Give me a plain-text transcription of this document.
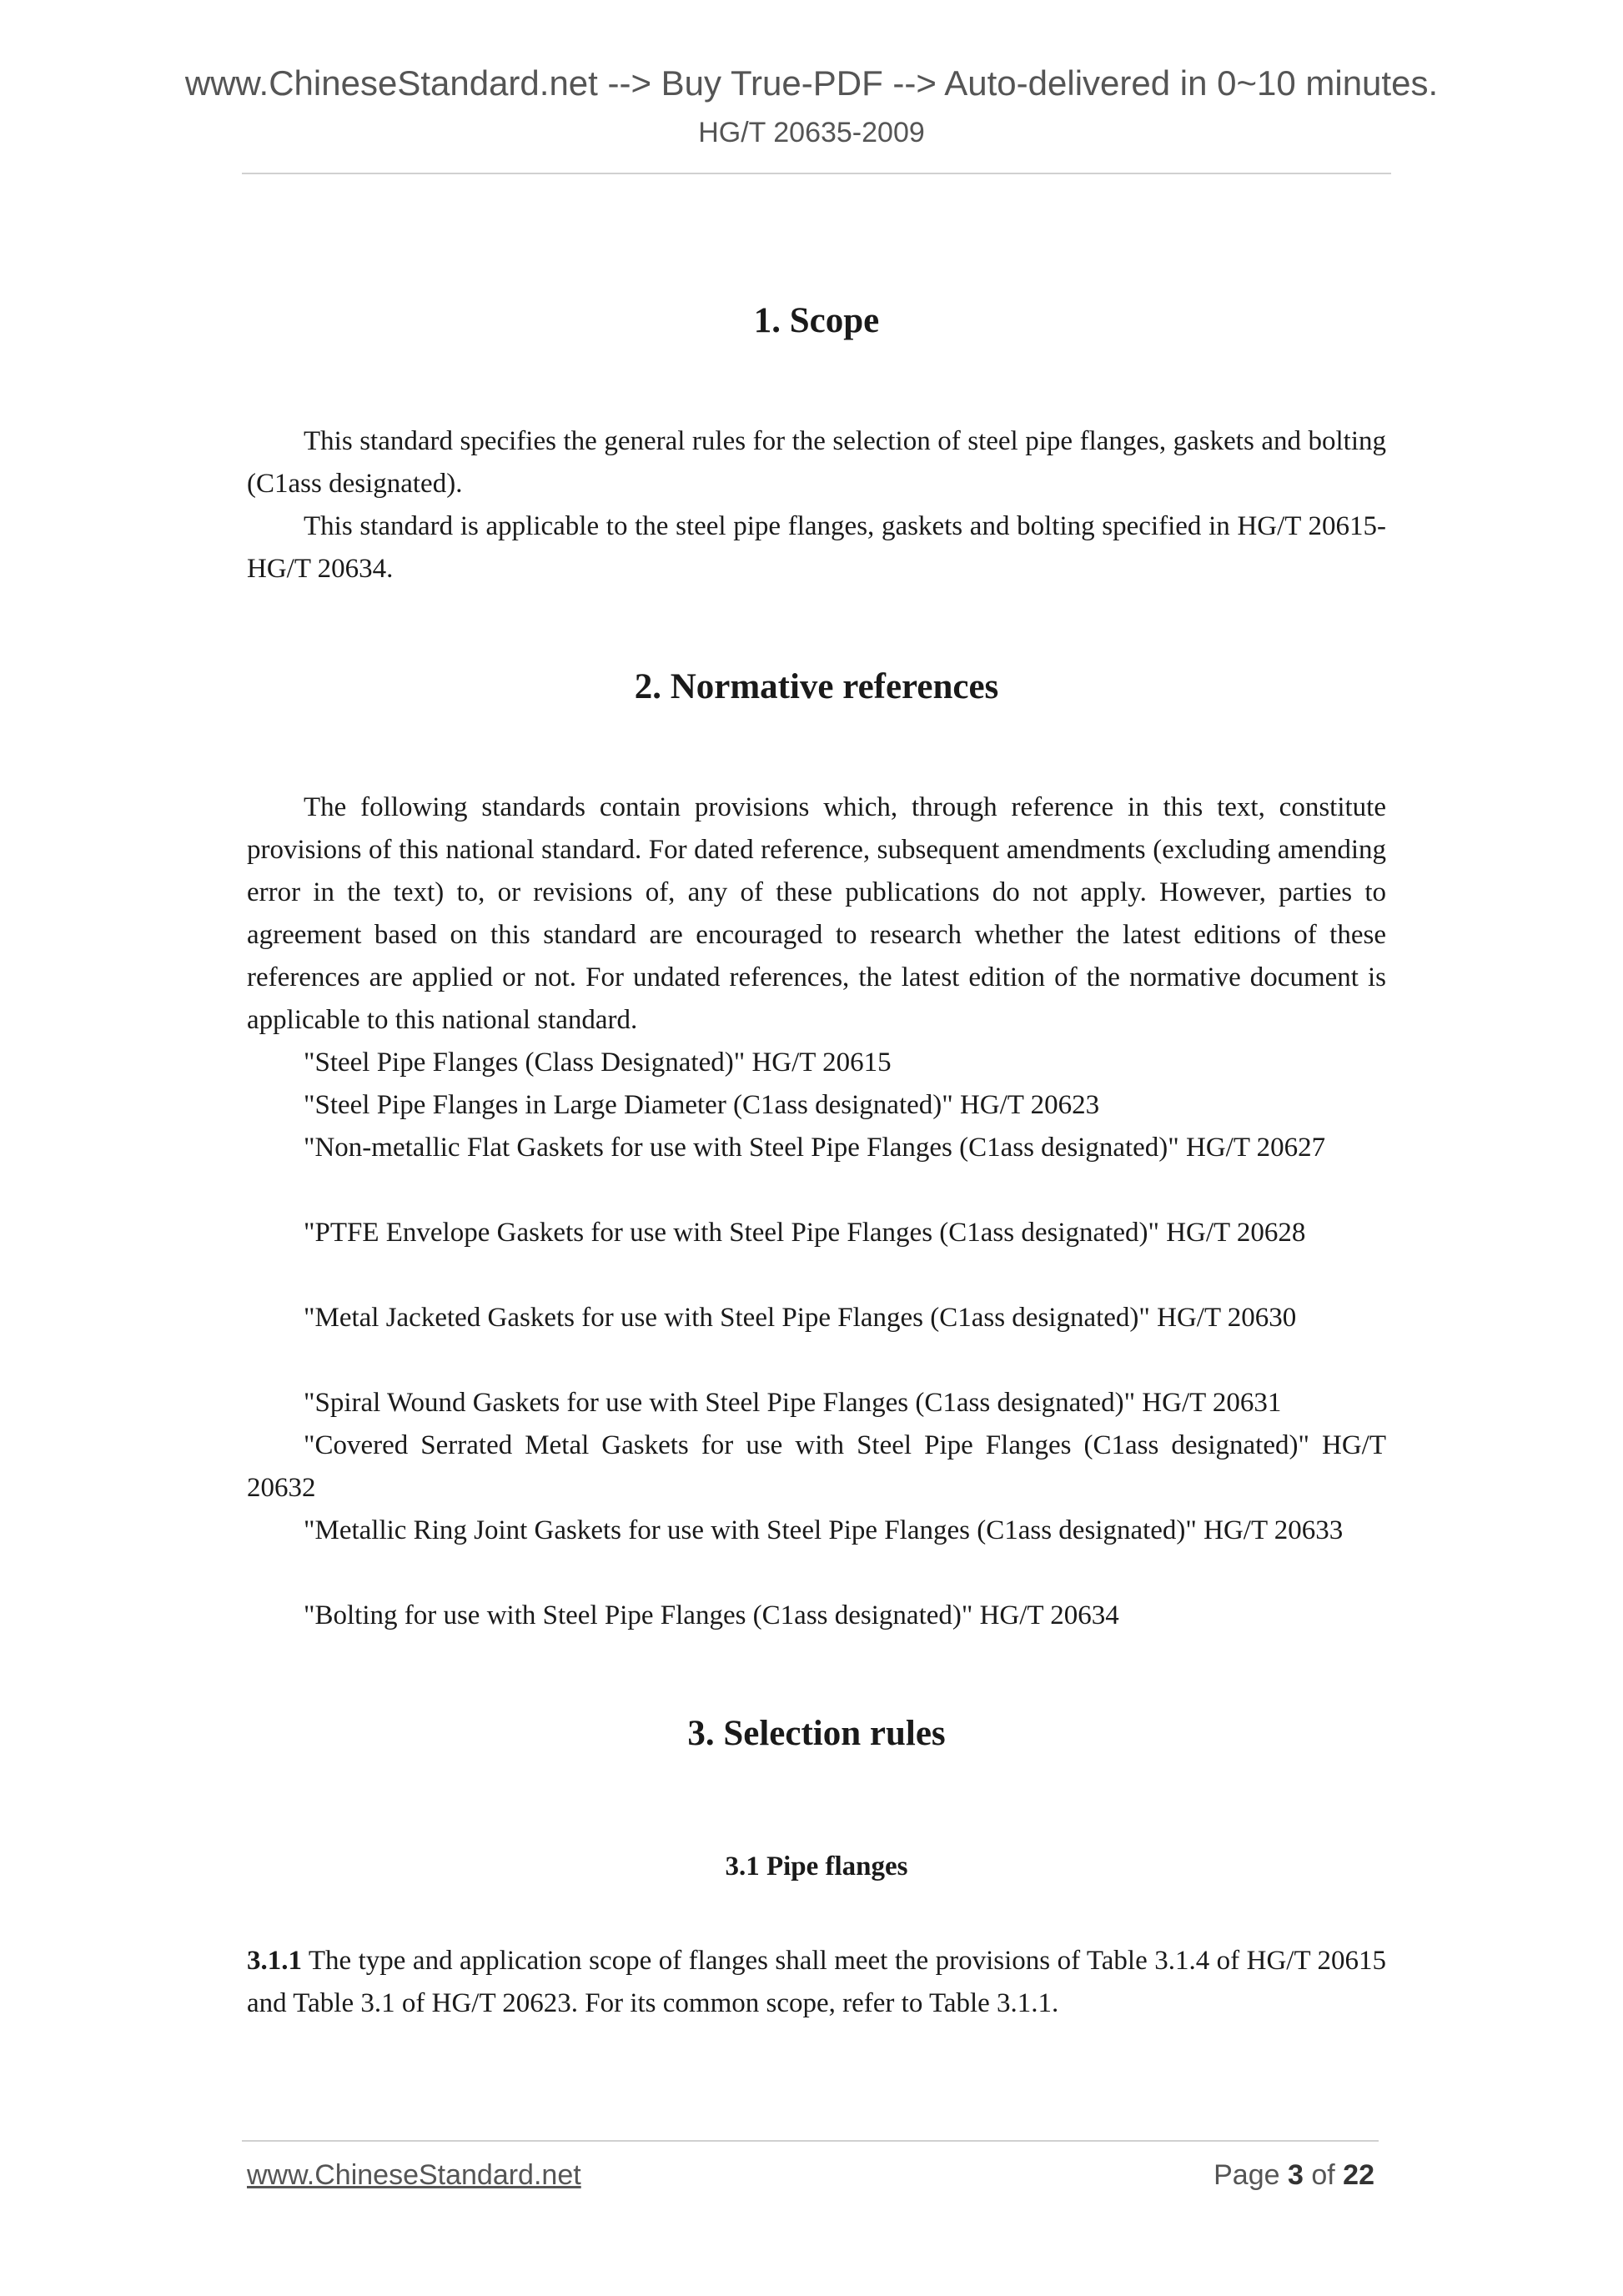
www.ChineseStandard.net --> Buy True-PDF --> Auto-delivered in 0~10 minutes.
HG/T 20635-2009
1. Scope

This standard specifies the general rules for the selection of steel pipe flanges, gaskets and bolting (C1ass designated).

This standard is applicable to the steel pipe flanges, gaskets and bolting specified in HG/T 20615- HG/T 20634.

2. Normative references

The following standards contain provisions which, through reference in this text, constitute provisions of this national standard. For dated reference, subsequent amendments (excluding amending error in the text) to, or revisions of, any of these publications do not apply. However, parties to agreement based on this standard are encouraged to research whether the latest editions of these references are applied or not. For undated references, the latest edition of the normative document is applicable to this national standard.

"Steel Pipe Flanges (Class Designated)" HG/T 20615

"Steel Pipe Flanges in Large Diameter (C1ass designated)" HG/T 20623

"Non-metallic Flat Gaskets for use with Steel Pipe Flanges (C1ass designated)" HG/T 20627

"PTFE Envelope Gaskets for use with Steel Pipe Flanges (C1ass designated)" HG/T 20628

"Metal Jacketed Gaskets for use with Steel Pipe Flanges (C1ass designated)" HG/T 20630

"Spiral Wound Gaskets for use with Steel Pipe Flanges (C1ass designated)" HG/T 20631

"Covered Serrated Metal Gaskets for use with Steel Pipe Flanges (C1ass designated)" HG/T 20632

"Metallic Ring Joint Gaskets for use with Steel Pipe Flanges (C1ass designated)" HG/T 20633

"Bolting for use with Steel Pipe Flanges (C1ass designated)" HG/T 20634

3. Selection rules
3.1 Pipe flanges

3.1.1 The type and application scope of flanges shall meet the provisions of Table 3.1.4 of HG/T 20615 and Table 3.1 of HG/T 20623. For its common scope, refer to Table 3.1.1.

www.ChineseStandard.net	Page 3 of 22
